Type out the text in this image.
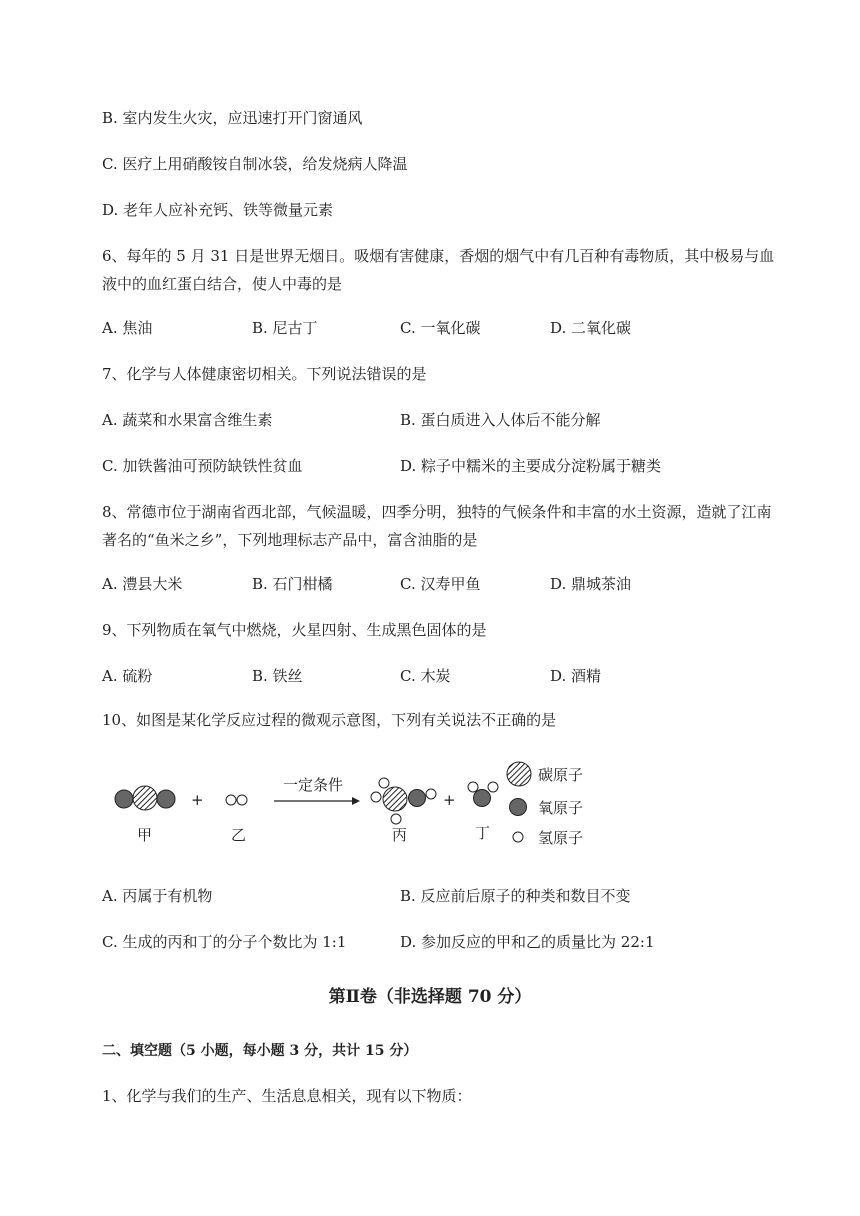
B. 室内发生火灾，应迅速打开门窗通风
C. 医疗上用硝酸铵自制冰袋，给发烧病人降温
D. 老年人应补充钙、铁等微量元素
6、每年的 5 月 31 日是世界无烟日。吸烟有害健康，香烟的烟气中有几百种有毒物质，其中极易与血
液中的血红蛋白结合，使人中毒的是
A. 焦油	B. 尼古丁	C. 一氧化碳	D. 二氧化碳
7、化学与人体健康密切相关。下列说法错误的是
A. 蔬菜和水果富含维生素	B. 蛋白质进入人体后不能分解
C. 加铁酱油可预防缺铁性贫血	D. 粽子中糯米的主要成分淀粉属于糖类
8、常德市位于湖南省西北部，气候温暖，四季分明，独特的气候条件和丰富的水土资源，造就了江南
著名的“鱼米之乡”，下列地理标志产品中，富含油脂的是
A. 澧县大米	B. 石门柑橘	C. 汉寿甲鱼	D. 鼎城茶油
9、下列物质在氧气中燃烧，火星四射、生成黑色固体的是
A. 硫粉	B. 铁丝	C. 木炭	D. 酒精
10、如图是某化学反应过程的微观示意图，下列有关说法不正确的是
甲
+
乙
一定条件
丙
+
丁
碳原子
氧原子
氢原子
A. 丙属于有机物	B. 反应前后原子的种类和数目不变
C. 生成的丙和丁的分子个数比为 1:1	D. 参加反应的甲和乙的质量比为 22:1
第Ⅱ卷（非选择题 70 分）
二、填空题（5 小题，每小题 3 分，共计 15 分）
1、化学与我们的生产、生活息息相关，现有以下物质：
